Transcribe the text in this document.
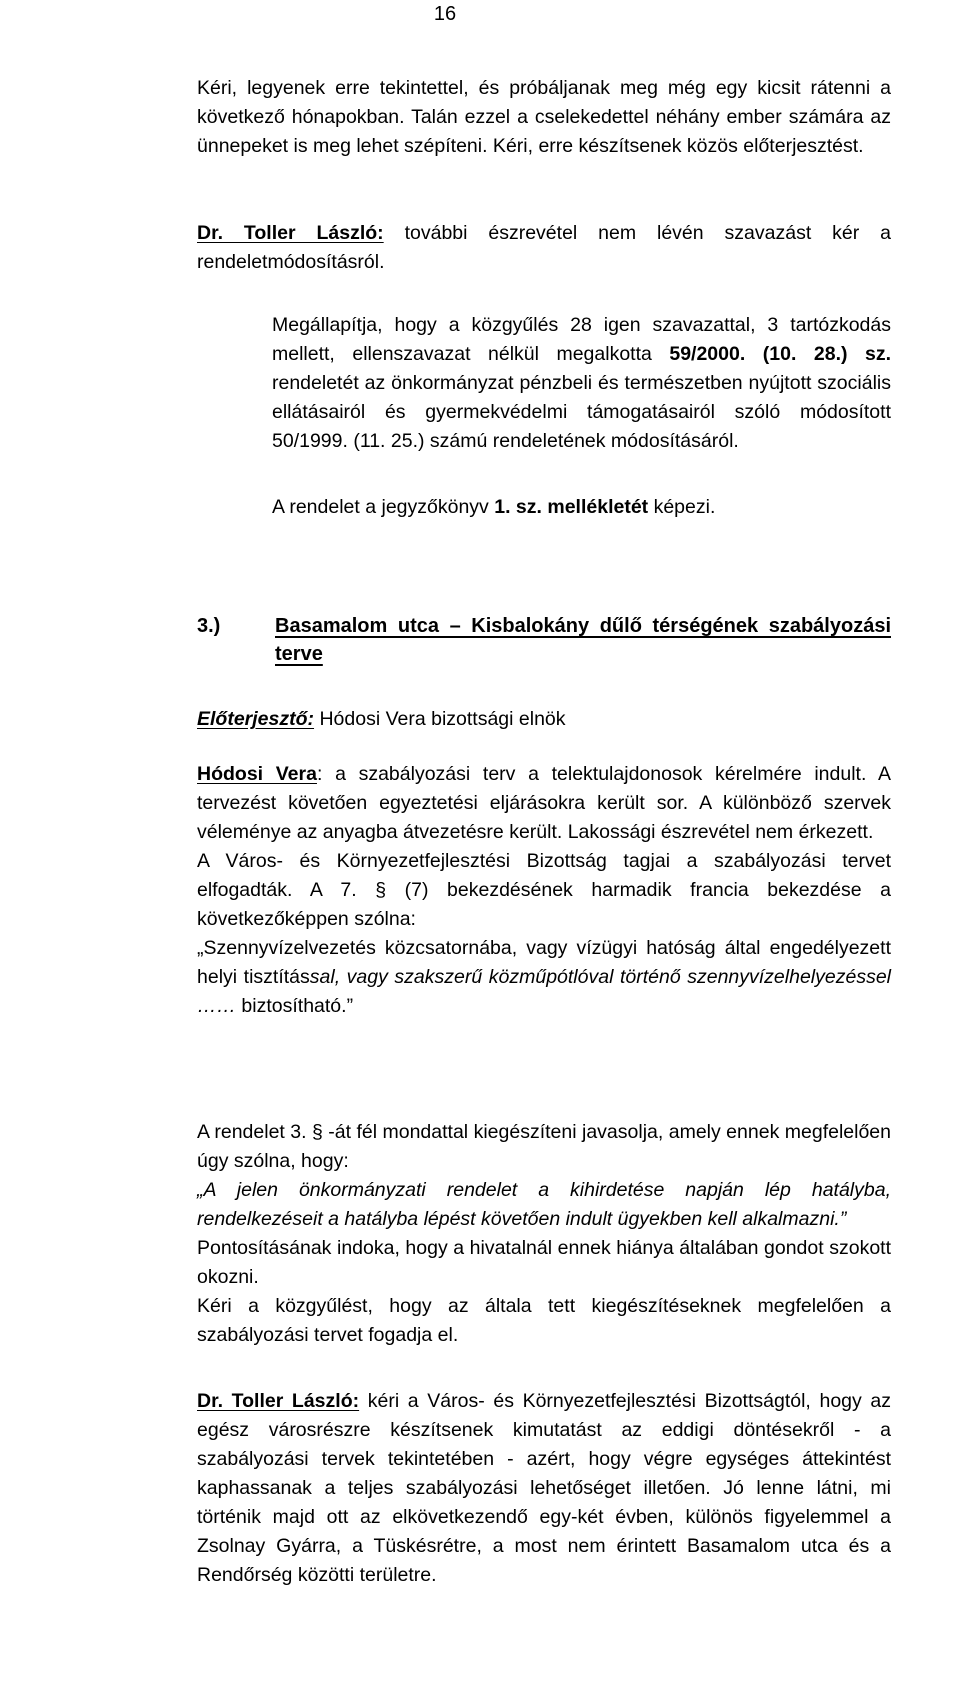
16

Kéri, legyenek erre tekintettel, és próbáljanak meg még egy kicsit rátenni a következő hónapokban. Talán ezzel a cselekedettel néhány ember számára az ünnepeket is meg lehet szépíteni. Kéri, erre készítsenek közös előterjesztést.

Dr. Toller László: további észrevétel nem lévén szavazást kér a rendeletmódosításról.

Megállapítja, hogy a közgyűlés 28 igen szavazattal, 3 tartózkodás mellett, ellenszavazat nélkül megalkotta 59/2000. (10. 28.) sz. rendeletét az önkormányzat pénzbeli és természetben nyújtott szociális ellátásairól és gyermekvédelmi támogatásairól szóló módosított 50/1999. (11. 25.) számú rendeletének módosításáról.

A rendelet a jegyzőkönyv 1. sz. mellékletét képezi.

3.)	Basamalom utca – Kisbalokány dűlő térségének szabályozási terve

Előterjesztő: Hódosi Vera bizottsági elnök

Hódosi Vera: a szabályozási terv a telektulajdonosok kérelmére indult. A tervezést követően egyeztetési eljárásokra került sor. A különböző szervek véleménye az anyagba átvezetésre került. Lakossági észrevétel nem érkezett.
A Város- és Környezetfejlesztési Bizottság tagjai a szabályozási tervet elfogadták. A 7. § (7) bekezdésének harmadik francia bekezdése a következőképpen szólna:
„Szennyvízelvezetés közcsatornába, vagy vízügyi hatóság által engedélyezett helyi tisztítással, vagy szakszerű közműpótlóval történő szennyvízelhelyezéssel …… biztosítható.”
A rendelet 3. § -át fél mondattal kiegészíteni javasolja, amely ennek megfelelően úgy szólna, hogy:
„A jelen önkormányzati rendelet a kihirdetése napján lép hatályba, rendelkezéseit a hatályba lépést követően indult ügyekben kell alkalmazni.”
Pontosításának indoka, hogy a hivatalnál ennek hiánya általában gondot szokott okozni.
Kéri a közgyűlést, hogy az általa tett kiegészítéseknek megfelelően a szabályozási tervet fogadja el.

Dr. Toller László: kéri a Város- és Környezetfejlesztési Bizottságtól, hogy az egész városrészre készítsenek kimutatást az eddigi döntésekről - a szabályozási tervek tekintetében - azért, hogy végre egységes áttekintést kaphassanak a teljes szabályozási lehetőséget illetően. Jó lenne látni, mi történik majd ott az elkövetkezendő egy-két évben, különös figyelemmel a Zsolnay Gyárra, a Tüskésrétre, a most nem érintett Basamalom utca és a Rendőrség közötti területre.
